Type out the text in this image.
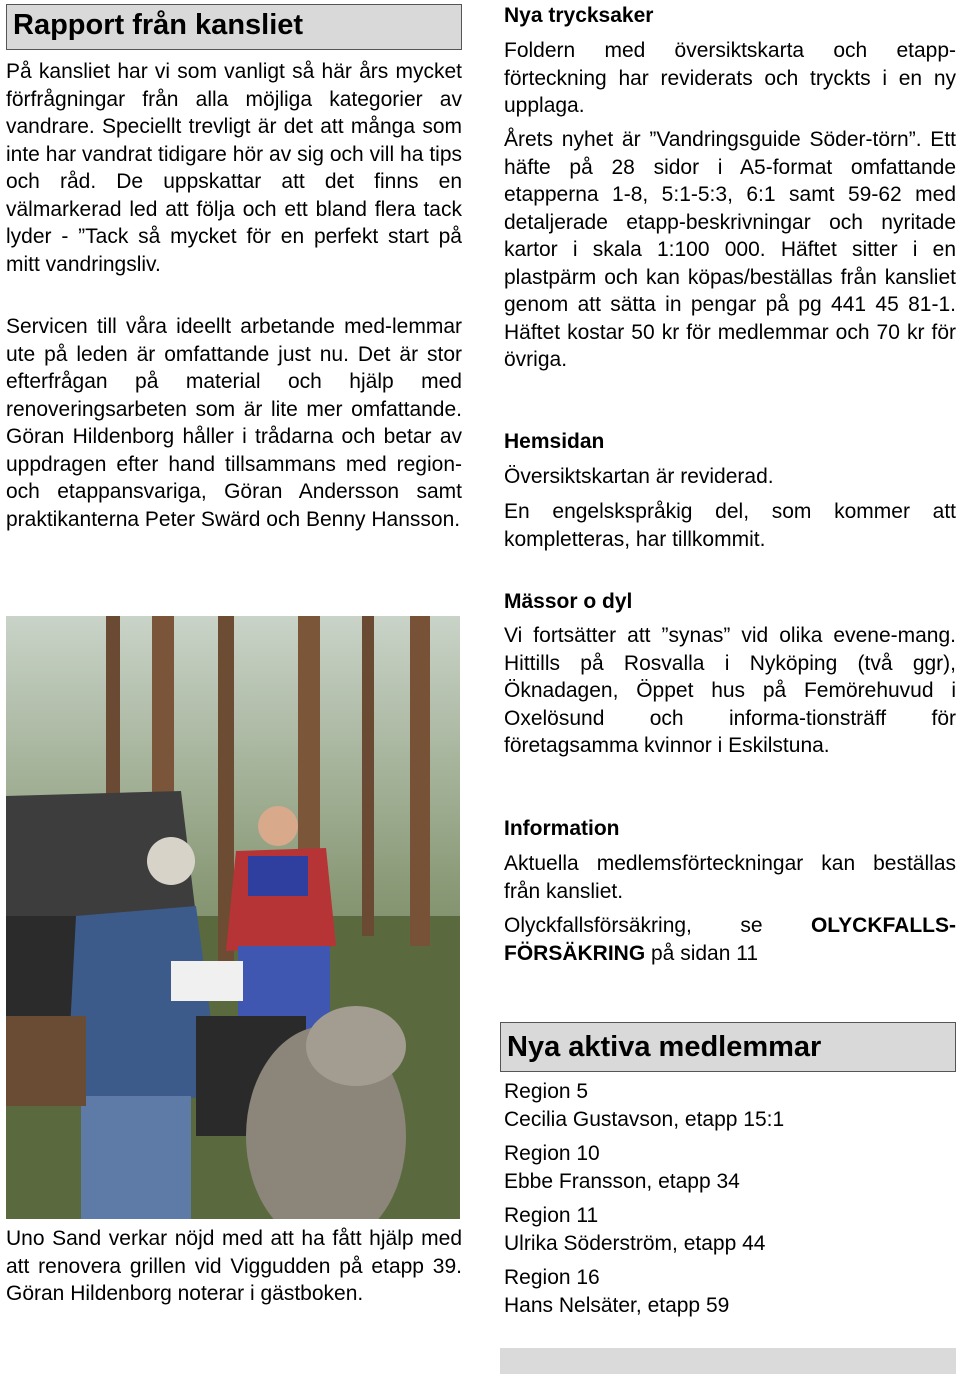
Rapport från kansliet

På kansliet har vi som vanligt så här års mycket förfrågningar från alla möjliga kategorier av vandrare. Speciellt trevligt är det att många som inte har vandrat tidigare hör av sig och vill ha tips och råd. De uppskattar att det finns en välmarkerad led att följa och ett bland flera tack lyder - ”Tack så mycket för en perfekt start på mitt vandringsliv.

Servicen till våra ideellt arbetande med-lemmar ute på leden är omfattande just nu. Det är stor efterfrågan på material och hjälp med renoveringsarbeten som är lite mer omfattande. Göran Hildenborg håller i trådarna och betar av uppdragen efter hand tillsammans med region- och etappansvariga, Göran Andersson samt praktikanterna Peter Swärd och Benny Hansson.

Uno Sand verkar nöjd med att ha fått hjälp med att renovera grillen vid Viggudden på etapp 39. Göran Hildenborg noterar i gästboken.

Nya trycksaker

Foldern med översiktskarta och etapp-förteckning har reviderats och tryckts i en ny upplaga.

Årets nyhet är ”Vandringsguide Söder-törn”. Ett häfte på 28 sidor i A5-format omfattande etapperna 1-8, 5:1-5:3, 6:1 samt 59-62 med detaljerade etapp-beskrivningar och nyritade kartor i skala 1:100 000. Häftet sitter i en plastpärm och kan köpas/beställas från kansliet genom att sätta in pengar på pg 441 45 81-1. Häftet kostar 50 kr för medlemmar och 70 kr för övriga.

Hemsidan

Översiktskartan är reviderad.

En engelskspråkig del, som kommer att kompletteras, har tillkommit.

Mässor o dyl

Vi fortsätter att ”synas” vid olika evene-mang. Hittills på Rosvalla i Nyköping (två ggr), Öknadagen, Öppet hus på Femörehuvud i Oxelösund och informa-tionsträff för företagsamma kvinnor i Eskilstuna.

Information

Aktuella medlemsförteckningar kan beställas från kansliet.

Olyckfallsförsäkring, se OLYCKFALLS-FÖRSÄKRING på sidan 11

Nya aktiva medlemmar

Region 5

Cecilia Gustavson, etapp 15:1

Region 10

Ebbe Fransson, etapp 34

Region 11

Ulrika Söderström, etapp 44

Region 16

Hans Nelsäter, etapp 59
